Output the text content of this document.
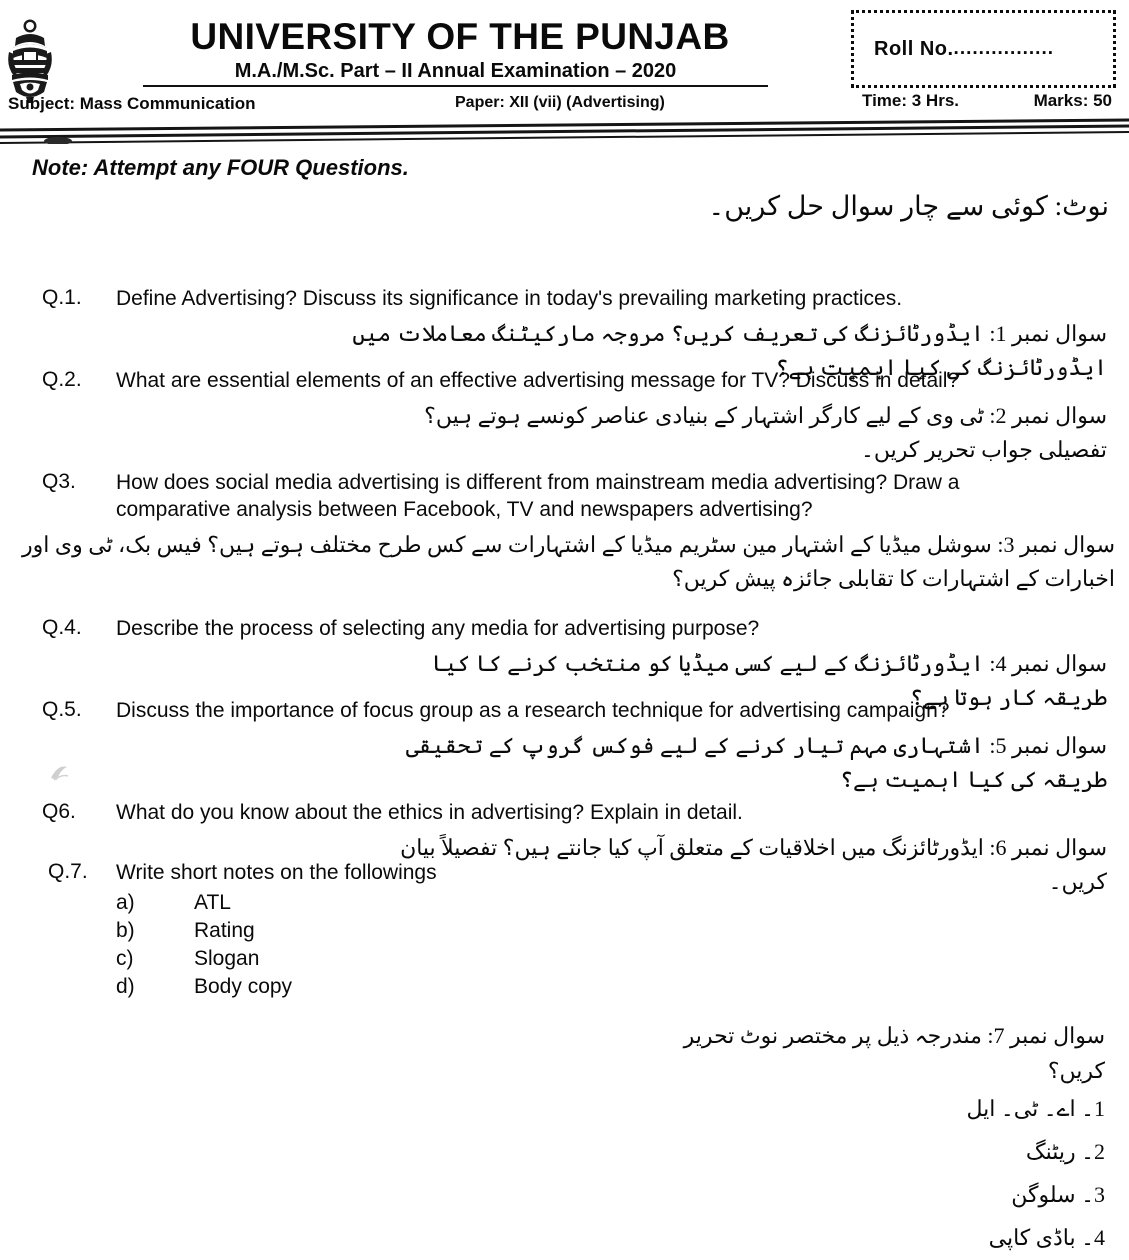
UNIVERSITY OF THE PUNJAB
M.A./M.Sc. Part – II Annual Examination – 2020
Subject: Mass Communication	Paper: XII (vii) (Advertising)
Roll No. ................
Time: 3 Hrs.	Marks: 50
Note: Attempt any FOUR Questions.
نوٹ: کوئی سے چار سوال حل کریں۔
Q.1. Define Advertising? Discuss its significance in today's prevailing marketing practices.
سوال نمبر 1: ایڈورٹائزنگ کی تعریف کریں؟ مروجہ مارکیٹنگ معاملات میں ایڈورٹائزنگ کی کیا اہمیت ہے؟
Q.2. What are essential elements of an effective advertising message for TV? Discuss in detail?
سوال نمبر 2: ٹی وی کے لیے کارگر اشتہار کے بنیادی عناصر کونسے ہوتے ہیں؟ تفصیلی جواب تحریر کریں۔
Q3. How does social media advertising is different from mainstream media advertising? Draw a comparative analysis between Facebook, TV and newspapers advertising?
سوال نمبر 3: سوشل میڈیا کے اشتہار مین سٹریم میڈیا کے اشتہارات سے کس طرح مختلف ہوتے ہیں؟ فیس بک، ٹی وی اور اخبارات کے اشتہارات کا تقابلی جائزہ پیش کریں؟
Q.4. Describe the process of selecting any media for advertising purpose?
سوال نمبر 4: ایڈورٹائزنگ کے لیے کسی میڈیا کو منتخب کرنے کا کیا طریقہ کار ہوتا ہے؟
Q.5. Discuss the importance of focus group as a research technique for advertising campaign?
سوال نمبر 5: اشتہاری مہم تیار کرنے کے لیے فوکس گروپ کے تحقیقی طریقہ کی کیا اہمیت ہے؟
Q6. What do you know about the ethics in advertising? Explain in detail.
سوال نمبر 6: ایڈورٹائزنگ میں اخلاقیات کے متعلق آپ کیا جانتے ہیں؟ تفصیلاً بیان کریں۔
Q.7. Write short notes on the followings
a)	ATL
b)	Rating
c)	Slogan
d)	Body copy
سوال نمبر 7: مندرجہ ذیل پر مختصر نوٹ تحریر کریں؟
1۔ اے۔ ٹی۔ ایل
2۔ ریٹنگ
3۔ سلوگن
4۔ باڈی کاپی
